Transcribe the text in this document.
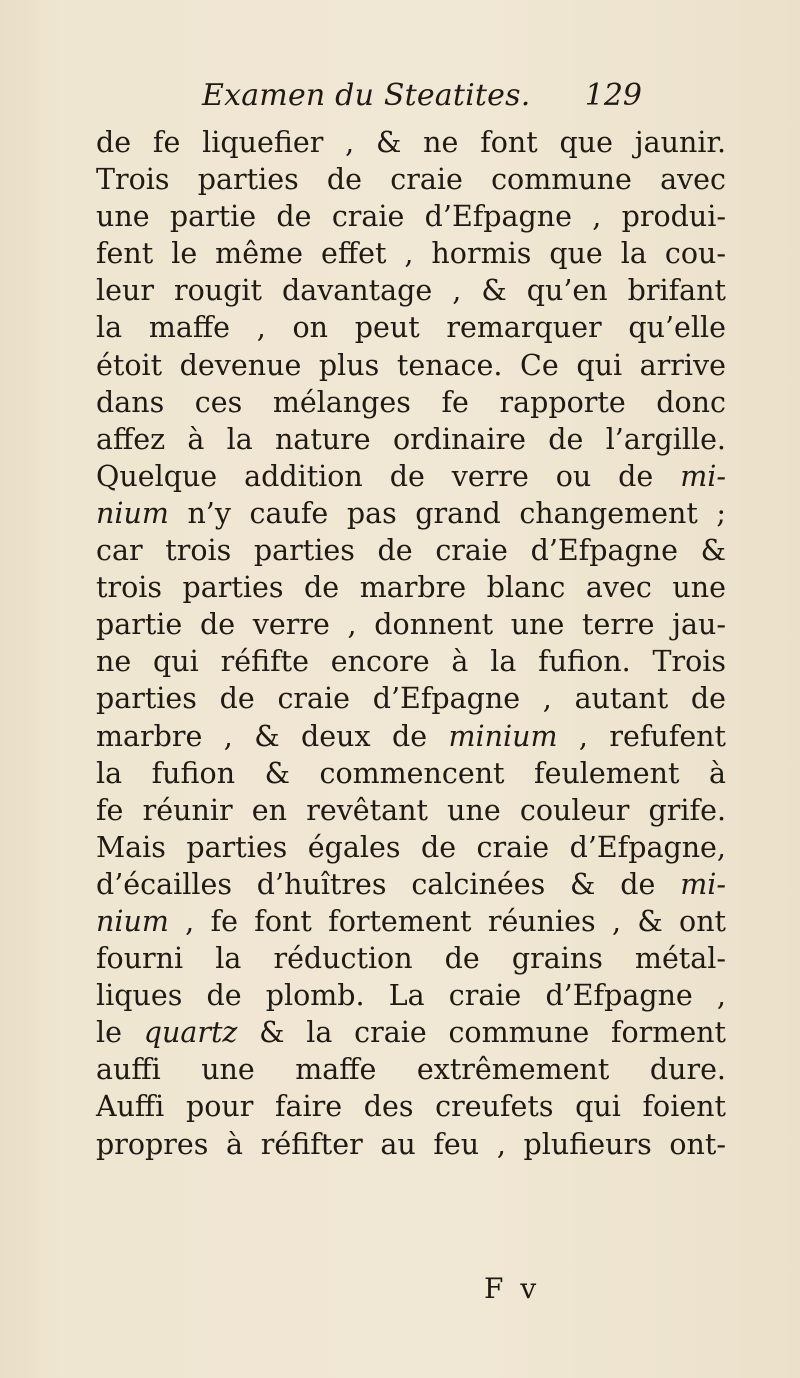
Examen du Steatites. 129
de fe liquefier , & ne font que jaunir.
Trois parties de craie commune avec
une partie de craie d’Efpagne , produi-
fent le même effet , hormis que la cou-
leur rougit davantage , & qu’en brifant
la maffe , on peut remarquer qu’elle
étoit devenue plus tenace. Ce qui arrive
dans ces mélanges fe rapporte donc
affez à la nature ordinaire de l’argille.
Quelque addition de verre ou de mi-
nium n’y caufe pas grand changement ;
car trois parties de craie d’Efpagne &
trois parties de marbre blanc avec une
partie de verre , donnent une terre jau-
ne qui réfifte encore à la fufion. Trois
parties de craie d’Efpagne , autant de
marbre , & deux de minium , refufent
la fufion & commencent feulement à
fe réunir en revêtant une couleur grife.
Mais parties égales de craie d’Efpagne,
d’écailles d’huîtres calcinées & de mi-
nium , fe font fortement réunies , & ont
fourni la réduction de grains métal-
liques de plomb. La craie d’Efpagne ,
le quartz & la craie commune forment
auffi une maffe extrêmement dure.
Auffi pour faire des creufets qui foient
propres à réfifter au feu , plufieurs ont-
F v
